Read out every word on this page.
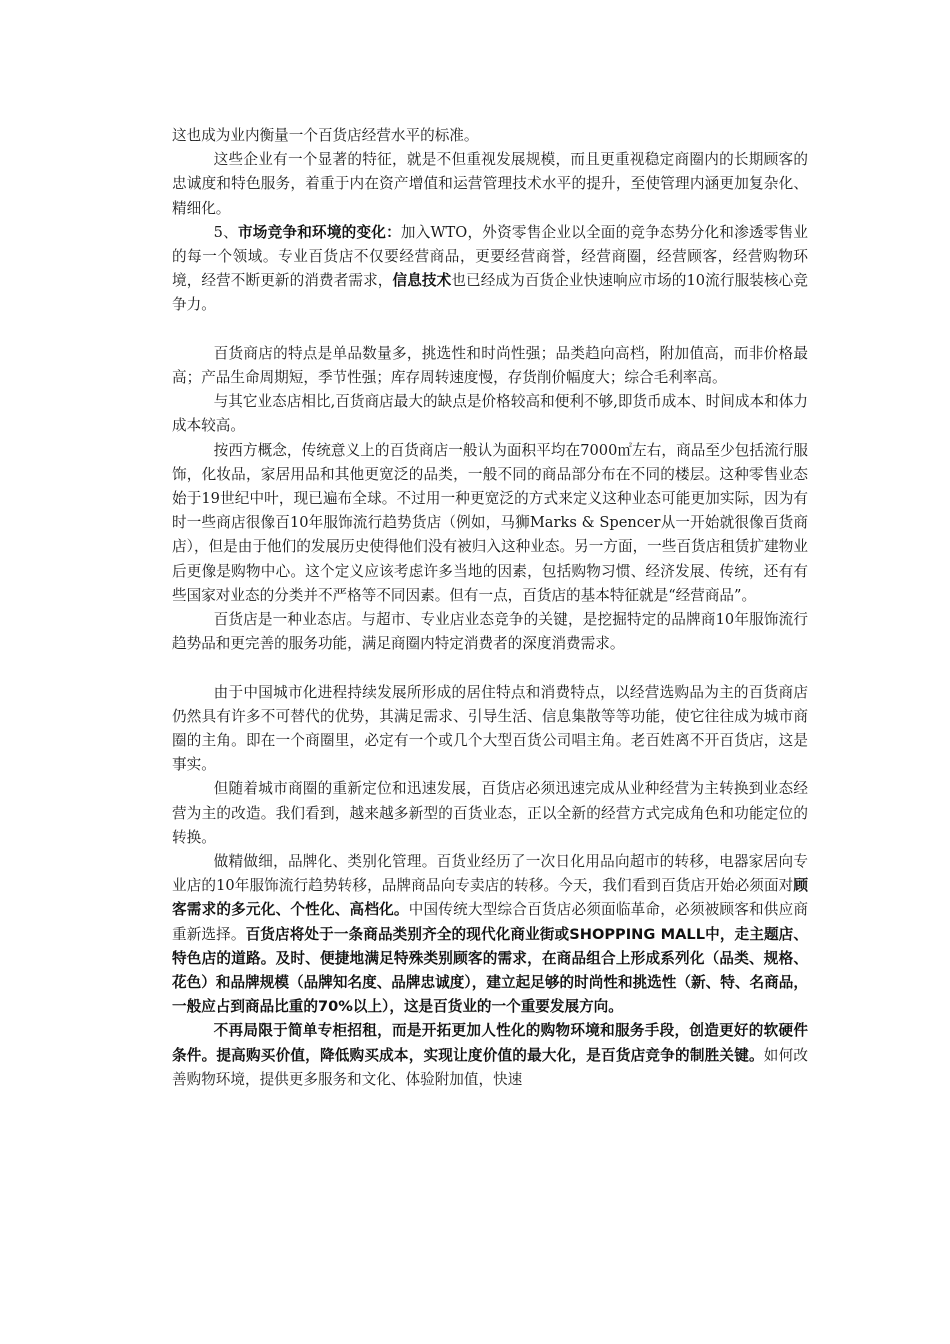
这也成为业内衡量一个百货店经营水平的标准。

这些企业有一个显著的特征，就是不但重视发展规模，而且更重视稳定商圈内的长期顾客的忠诚度和特色服务，着重于内在资产增值和运营管理技术水平的提升，至使管理内涵更加复杂化、精细化。

5、市场竞争和环境的变化：加入WTO，外资零售企业以全面的竞争态势分化和渗透零售业的每一个领域。专业百货店不仅要经营商品，更要经营商誉，经营商圈，经营顾客，经营购物环境，经营不断更新的消费者需求，信息技术也已经成为百货企业快速响应市场的10流行服装核心竞争力。

百货商店的特点是单品数量多，挑选性和时尚性强；品类趋向高档，附加值高，而非价格最高；产品生命周期短，季节性强；库存周转速度慢，存货削价幅度大；综合毛利率高。

与其它业态店相比,百货商店最大的缺点是价格较高和便利不够,即货币成本、时间成本和体力成本较高。

按西方概念，传统意义上的百货商店一般认为面积平均在7000㎡左右，商品至少包括流行服饰，化妆品，家居用品和其他更宽泛的品类，一般不同的商品部分布在不同的楼层。这种零售业态始于19世纪中叶，现已遍布全球。不过用一种更宽泛的方式来定义这种业态可能更加实际，因为有时一些商店很像百10年服饰流行趋势货店（例如，马狮Marks & Spencer从一开始就很像百货商店），但是由于他们的发展历史使得他们没有被归入这种业态。另一方面，一些百货店租赁扩建物业后更像是购物中心。这个定义应该考虑许多当地的因素，包括购物习惯、经济发展、传统，还有有些国家对业态的分类并不严格等不同因素。但有一点，百货店的基本特征就是“经营商品”。

百货店是一种业态店。与超市、专业店业态竞争的关键，是挖掘特定的品牌商10年服饰流行趋势品和更完善的服务功能，满足商圈内特定消费者的深度消费需求。

由于中国城市化进程持续发展所形成的居住特点和消费特点，以经营选购品为主的百货商店仍然具有许多不可替代的优势，其满足需求、引导生活、信息集散等等功能，使它往往成为城市商圈的主角。即在一个商圈里，必定有一个或几个大型百货公司唱主角。老百姓离不开百货店，这是事实。

但随着城市商圈的重新定位和迅速发展，百货店必须迅速完成从业种经营为主转换到业态经营为主的改造。我们看到，越来越多新型的百货业态，正以全新的经营方式完成角色和功能定位的转换。

做精做细，品牌化、类别化管理。百货业经历了一次日化用品向超市的转移，电器家居向专业店的10年服饰流行趋势转移，品牌商品向专卖店的转移。今天，我们看到百货店开始必须面对顾客需求的多元化、个性化、高档化。中国传统大型综合百货店必须面临革命，必须被顾客和供应商重新选择。百货店将处于一条商品类别齐全的现代化商业街或SHOPPING MALL中，走主题店、特色店的道路。及时、便捷地满足特殊类别顾客的需求，在商品组合上形成系列化（品类、规格、花色）和品牌规模（品牌知名度、品牌忠诚度），建立起足够的时尚性和挑选性（新、特、名商品，一般应占到商品比重的70%以上），这是百货业的一个重要发展方向。

不再局限于简单专柜招租，而是开拓更加人性化的购物环境和服务手段，创造更好的软硬件条件。提高购买价值，降低购买成本，实现让度价值的最大化，是百货店竞争的制胜关键。如何改善购物环境，提供更多服务和文化、体验附加值，快速
